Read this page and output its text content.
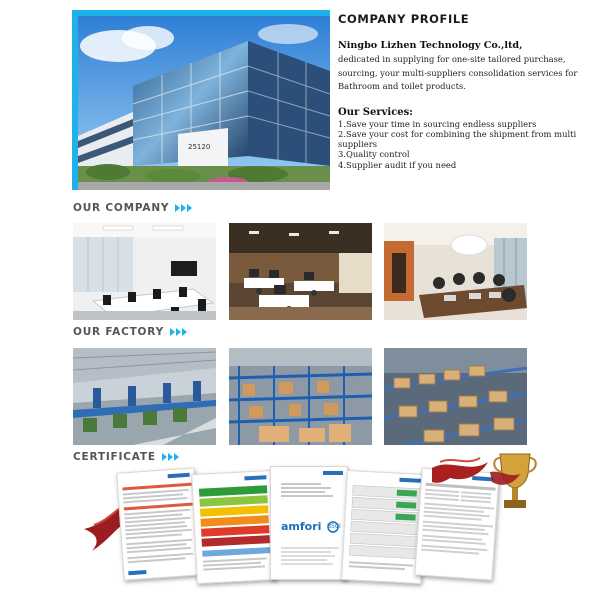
25120
COMPANY PROFILE
Ningbo Lizhen Technology Co.,ltd,
dedicated in supplying for one-site tailored purchase, sourcing, your multi-suppliers consolidation services for Bathroom and toilet products.
Our Services:
1.Save your time in sourcing endless suppliers
2.Save your cost for combining the shipment from multi suppliers
3.Quality control
4.Supplier audit if you need
OUR COMPANY
OUR FACTORY
CERTIFICATE
amfori BSCI
